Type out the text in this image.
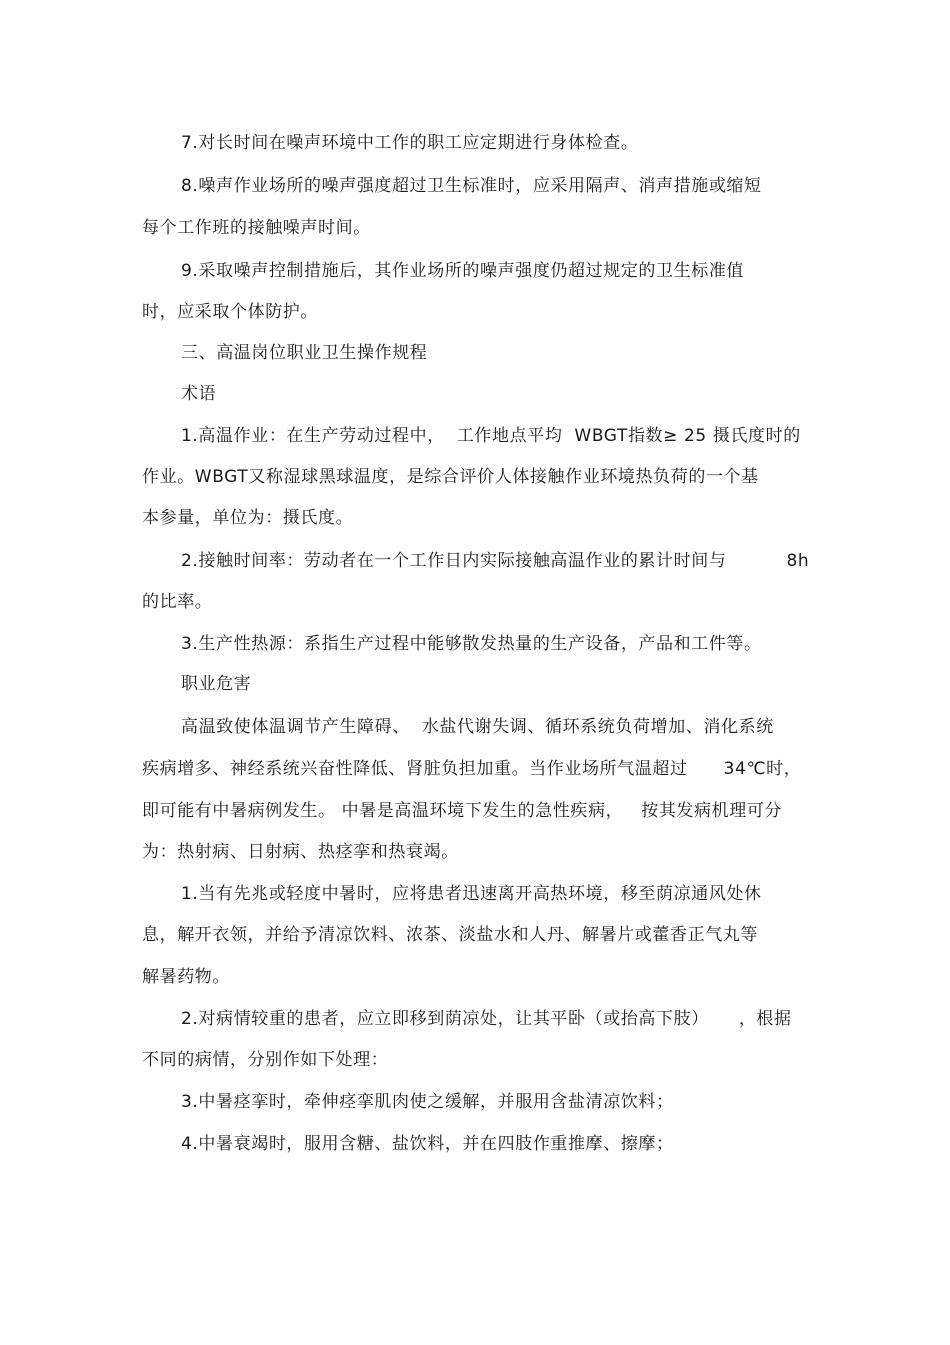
7.对长时间在噪声环境中工作的职工应定期进行身体检查。
8.噪声作业场所的噪声强度超过卫生标准时，应采用隔声、消声措施或缩短
每个工作班的接触噪声时间。
9.采取噪声控制措施后，其作业场所的噪声强度仍超过规定的卫生标准值
时，应采取个体防护。
三、高温岗位职业卫生操作规程
术语
1.高温作业：在生产劳动过程中，  工作地点平均  WBGT指数≥ 25 摄氏度时的
作业。WBGT又称湿球黑球温度，是综合评价人体接触作业环境热负荷的一个基
本参量，单位为：摄氏度。
2.接触时间率：劳动者在一个工作日内实际接触高温作业的累计时间与          8h
的比率。
3.生产性热源：系指生产过程中能够散发热量的生产设备，产品和工件等。
职业危害
高温致使体温调节产生障碍、  水盐代谢失调、循环系统负荷增加、消化系统
疾病增多、神经系统兴奋性降低、肾脏负担加重。当作业场所气温超过      34℃时，
即可能有中暑病例发生。 中暑是高温环境下发生的急性疾病，   按其发病机理可分
为：热射病、日射病、热痉挛和热衰竭。
1.当有先兆或轻度中暑时，应将患者迅速离开高热环境，移至荫凉通风处休
息，解开衣领，并给予清凉饮料、浓茶、淡盐水和人丹、解暑片或藿香正气丸等
解暑药物。
2.对病情较重的患者，应立即移到荫凉处，让其平卧（或抬高下肢）     ，根据
不同的病情，分别作如下处理：
3.中暑痉挛时，牵伸痉挛肌肉使之缓解，并服用含盐清凉饮料；
4.中暑衰竭时，服用含糖、盐饮料，并在四肢作重推摩、擦摩；
